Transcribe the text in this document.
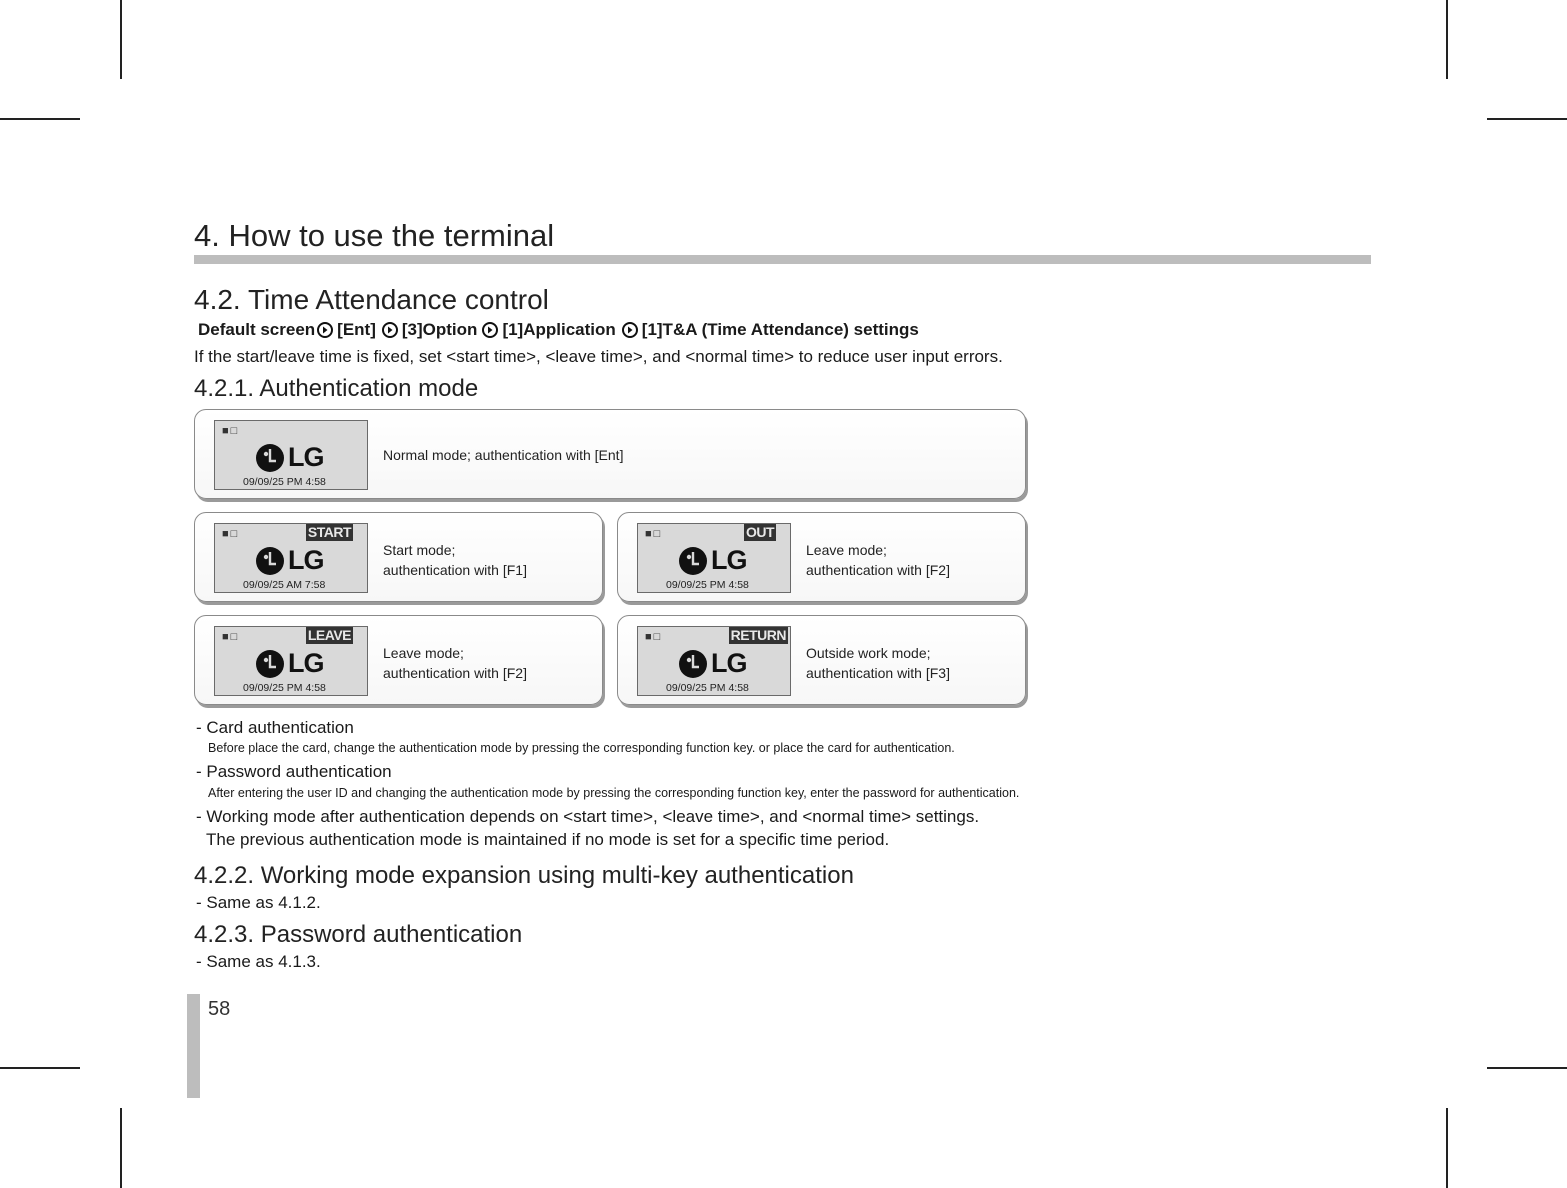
4. How to use the terminal
4.2. Time Attendance control
Default screen [Ent] [3]Option [1]Application [1]T&A (Time Attendance) settings
If the start/leave time is fixed, set <start time>, <leave time>, and <normal time> to reduce user input errors.
4.2.1. Authentication mode
■□
LG
09/09/25 PM 4:58
Normal mode; authentication with [Ent]
■□	START
LG
09/09/25 AM 7:58
Start mode;
authentication with [F1]
■□	OUT
LG
09/09/25 PM 4:58
Leave mode;
authentication with [F2]
■□	LEAVE
LG
09/09/25 PM 4:58
Leave mode;
authentication with [F2]
■□	RETURN
LG
09/09/25 PM 4:58
Outside work mode;
authentication with [F3]
- Card authentication
Before place the card, change the authentication mode by pressing the corresponding function key. or place the card for authentication.
- Password authentication
After entering the user ID and changing the authentication mode by pressing the corresponding function key, enter the password for authentication.
- Working mode after authentication depends on <start time>, <leave time>, and <normal time> settings.
The previous authentication mode is maintained if no mode is set for a specific time period.
4.2.2. Working mode expansion using multi-key authentication
- Same as 4.1.2.
4.2.3. Password authentication
- Same as 4.1.3.
58
